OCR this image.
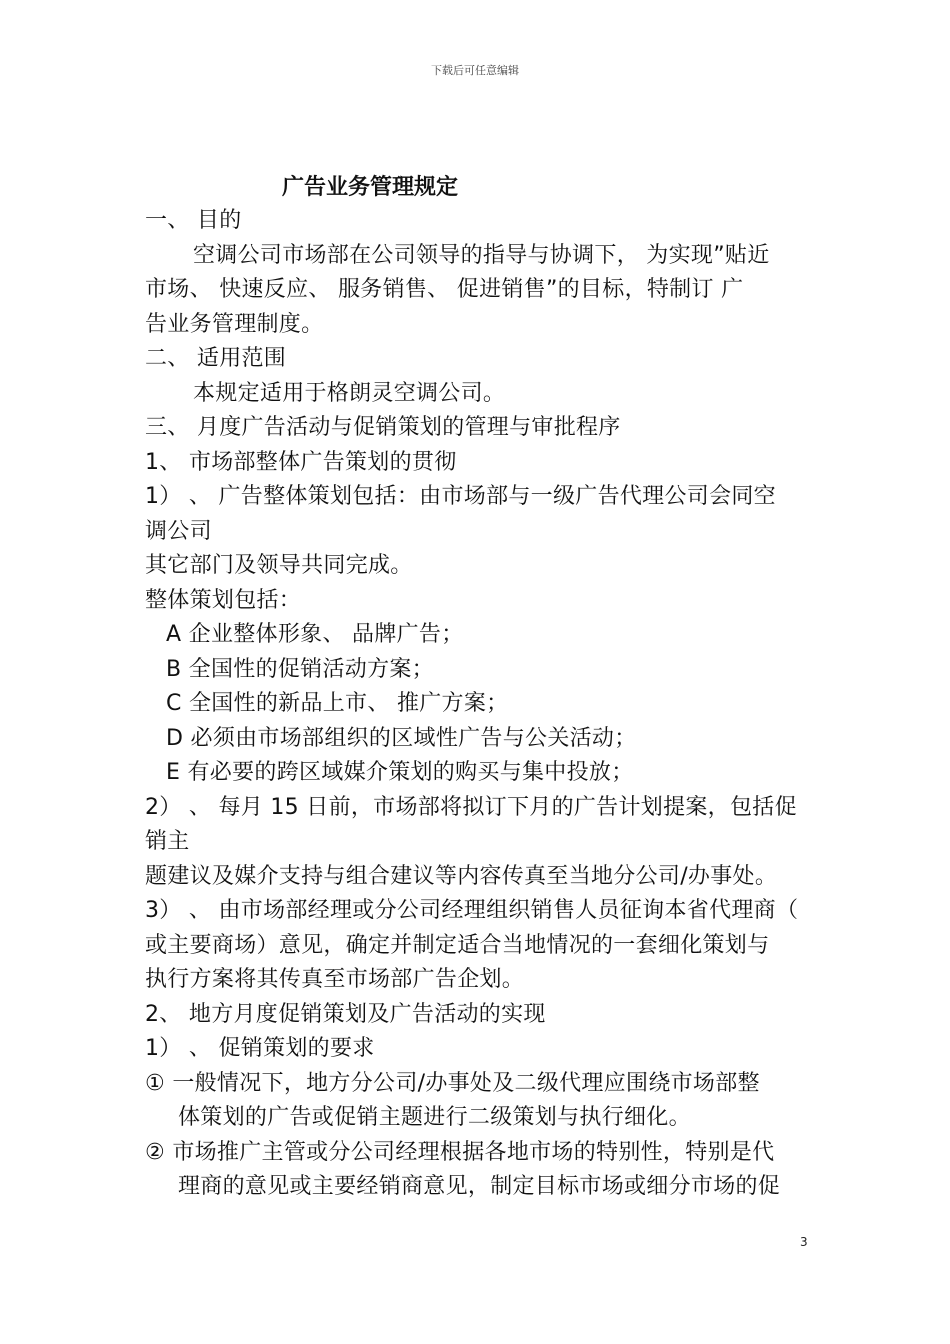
下载后可任意编辑
广告业务管理规定
一、 目的
空调公司市场部在公司领导的指导与协调下， 为实现”贴近
市场、 快速反应、 服务销售、 促进销售”的目标，特制订 广
告业务管理制度。
二、 适用范围
本规定适用于格朗灵空调公司。
三、 月度广告活动与促销策划的管理与审批程序
1、 市场部整体广告策划的贯彻
1） 、 广告整体策划包括：由市场部与一级广告代理公司会同空
调公司
其它部门及领导共同完成。
整体策划包括：
A 企业整体形象、 品牌广告；
B 全国性的促销活动方案；
C 全国性的新品上市、 推广方案；
D 必须由市场部组织的区域性广告与公关活动；
E 有必要的跨区域媒介策划的购买与集中投放；
2） 、 每月 15 日前，市场部将拟订下月的广告计划提案，包括促
销主
题建议及媒介支持与组合建议等内容传真至当地分公司/办事处。
3） 、 由市场部经理或分公司经理组织销售人员征询本省代理商（
或主要商场）意见，确定并制定适合当地情况的一套细化策划与
执行方案将其传真至市场部广告企划。
2、 地方月度促销策划及广告活动的实现
1） 、 促销策划的要求
① 一般情况下，地方分公司/办事处及二级代理应围绕市场部整
体策划的广告或促销主题进行二级策划与执行细化。
② 市场推广主管或分公司经理根据各地市场的特别性，特别是代
理商的意见或主要经销商意见，制定目标市场或细分市场的促
3
